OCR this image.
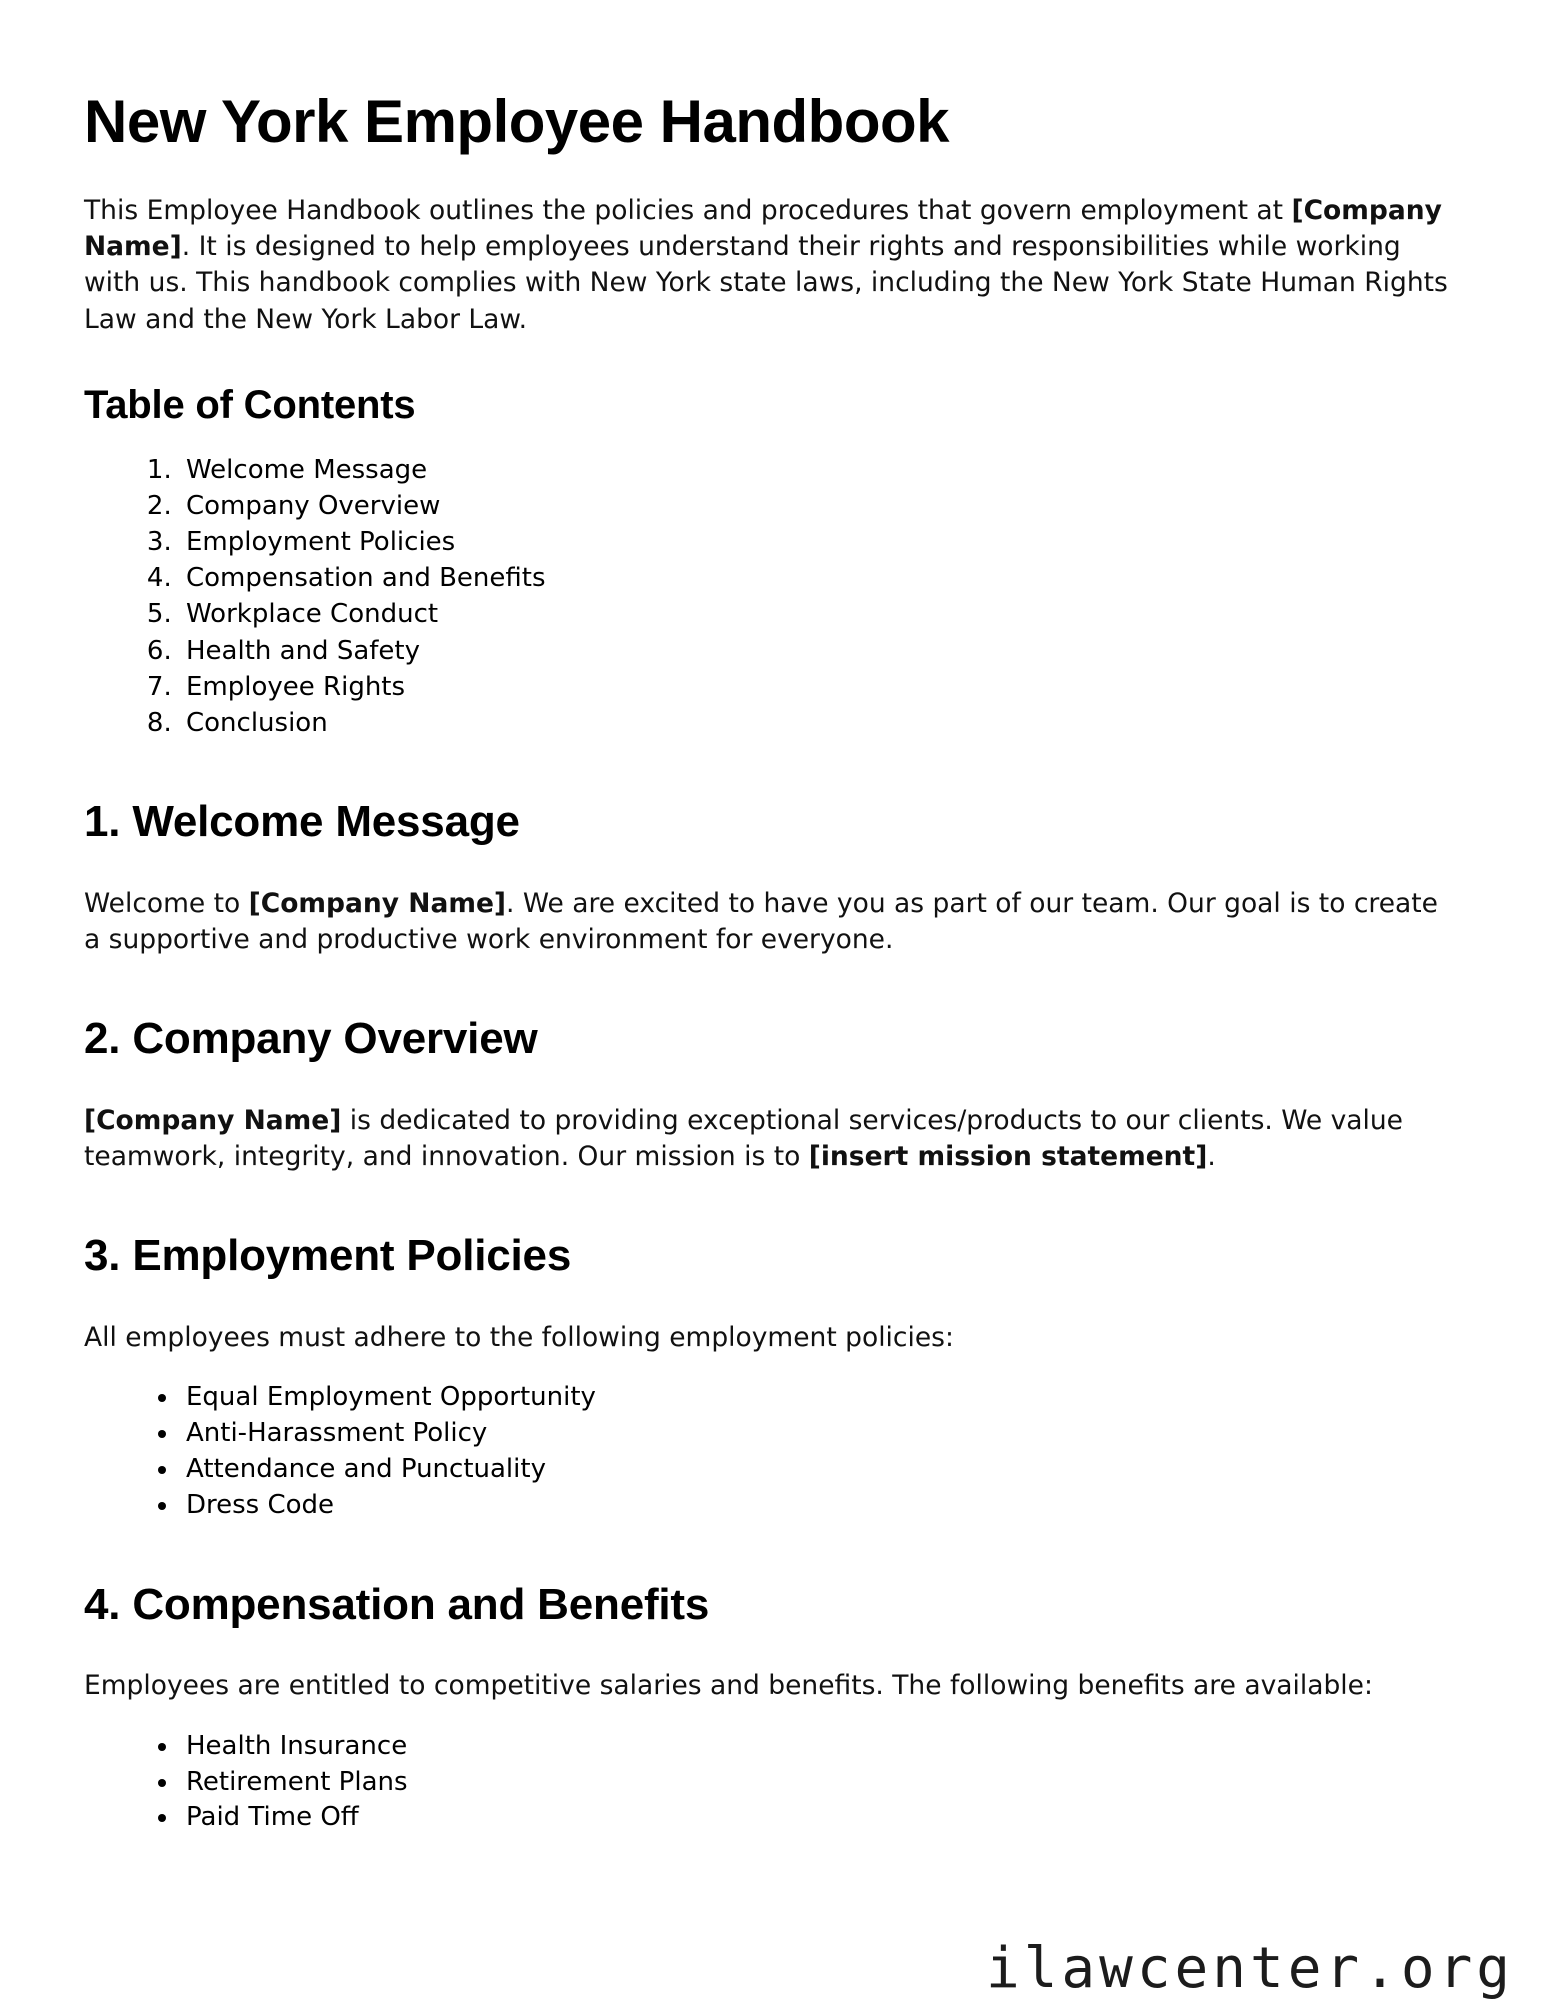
New York Employee Handbook

This Employee Handbook outlines the policies and procedures that govern employment at [Company Name]. It is designed to help employees understand their rights and responsibilities while working with us. This handbook complies with New York state laws, including the New York State Human Rights Law and the New York Labor Law.

Table of Contents
1. Welcome Message
2. Company Overview
3. Employment Policies
4. Compensation and Benefits
5. Workplace Conduct
6. Health and Safety
7. Employee Rights
8. Conclusion
1. Welcome Message

Welcome to [Company Name]. We are excited to have you as part of our team. Our goal is to create a supportive and productive work environment for everyone.

2. Company Overview

[Company Name] is dedicated to providing exceptional services/products to our clients. We value teamwork, integrity, and innovation. Our mission is to [insert mission statement].

3. Employment Policies

All employees must adhere to the following employment policies:

• Equal Employment Opportunity
• Anti-Harassment Policy
• Attendance and Punctuality
• Dress Code
4. Compensation and Benefits

Employees are entitled to competitive salaries and benefits. The following benefits are available:

• Health Insurance
• Retirement Plans
• Paid Time Off
ilawcenter.org
